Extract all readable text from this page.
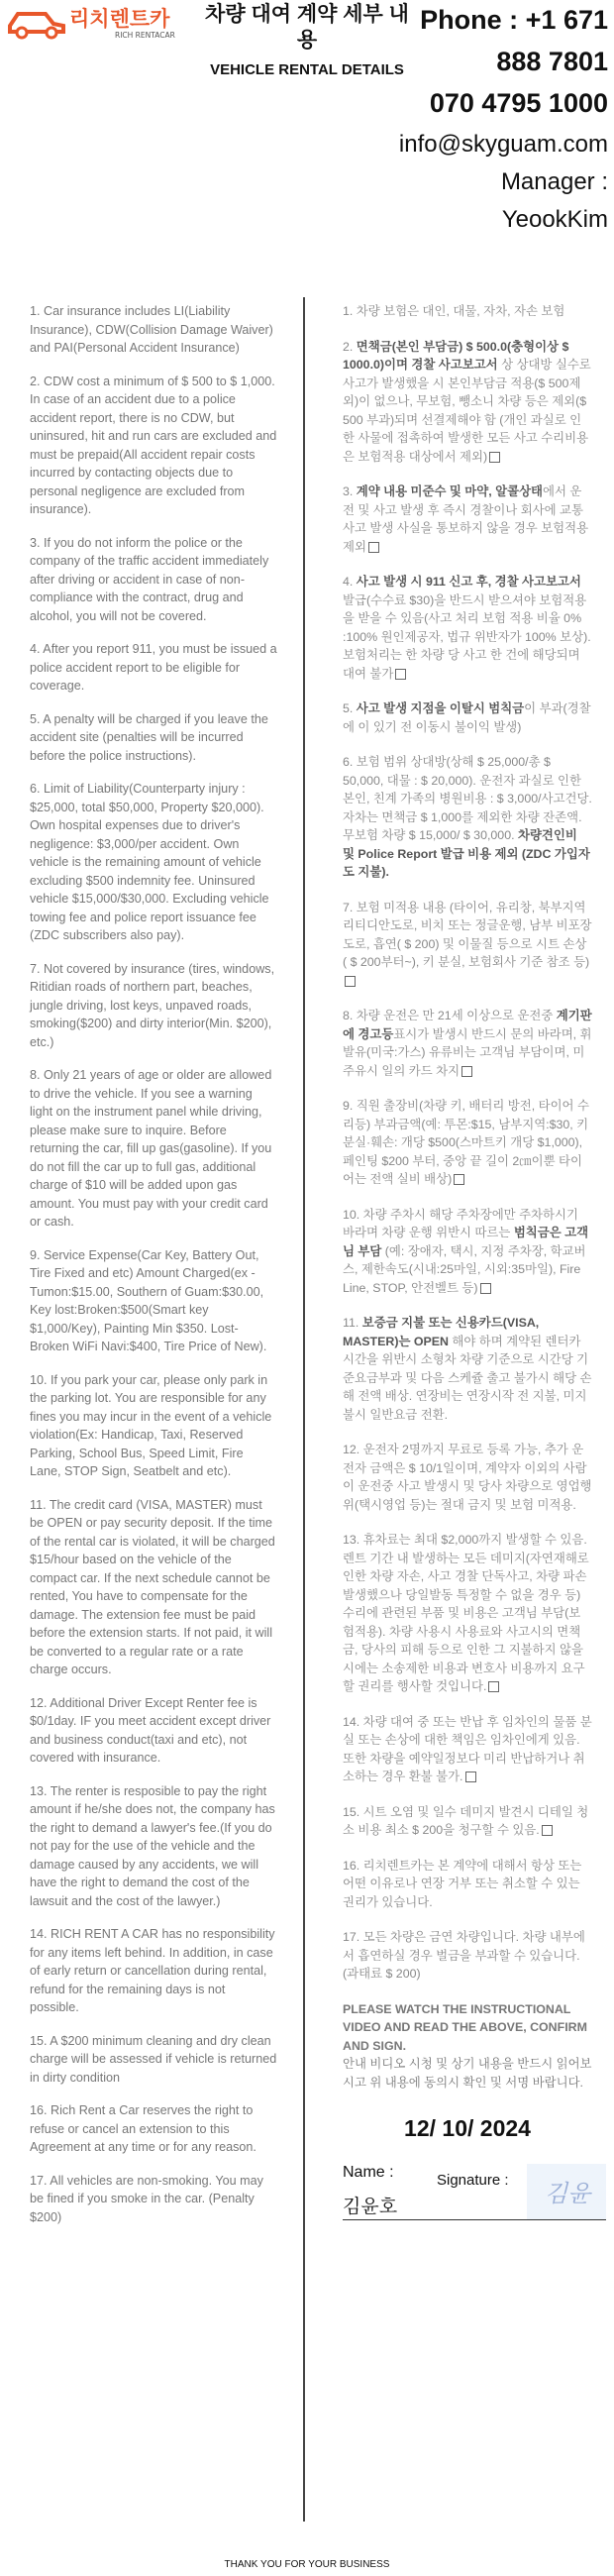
리치렌트카
RICH RENTACAR
차량 대여 계약 세부 내용
VEHICLE RENTAL DETAILS
Phone : +1 671
888 7801
070 4795 1000
info@skyguam.com
Manager :
YeookKim

1. Car insurance includes LI(Liability Insurance), CDW(Collision Damage Waiver) and PAI(Personal Accident Insurance)

2. CDW cost a minimum of $ 500 to $ 1,000. In case of an accident due to a police accident report, there is no CDW, but uninsured, hit and run cars are excluded and must be prepaid(All accident repair costs incurred by contacting objects due to personal negligence are excluded from insurance).

3. If you do not inform the police or the company of the traffic accident immediately after driving or accident in case of non-compliance with the contract, drug and alcohol, you will not be covered.

4. After you report 911, you must be issued a police accident report to be eligible for coverage.

5. A penalty will be charged if you leave the accident site (penalties will be incurred before the police instructions).

6. Limit of Liability(Counterparty injury : $25,000, total $50,000, Property $20,000). Own hospital expenses due to driver's negligence: $3,000/per accident. Own vehicle is the remaining amount of vehicle excluding $500 indemnity fee. Uninsured vehicle $15,000/$30,000. Excluding vehicle towing fee and police report issuance fee (ZDC subscribers also pay).

7. Not covered by insurance (tires, windows, Ritidian roads of northern part, beaches, jungle driving, lost keys, unpaved roads, smoking($200) and dirty interior(Min. $200), etc.)

8. Only 21 years of age or older are allowed to drive the vehicle. If you see a warning light on the instrument panel while driving, please make sure to inquire. Before returning the car, fill up gas(gasoline). If you do not fill the car up to full gas, additional charge of $10 will be added upon gas amount. You must pay with your credit card or cash.

9. Service Expense(Car Key, Battery Out, Tire Fixed and etc) Amount Charged(ex - Tumon:$15.00, Southern of Guam:$30.00, Key lost:Broken:$500(Smart key $1,000/Key), Painting Min $350. Lost-Broken WiFi Navi:$400, Tire Price of New).

10. If you park your car, please only park in the parking lot. You are responsible for any fines you may incur in the event of a vehicle violation(Ex: Handicap, Taxi, Reserved Parking, School Bus, Speed Limit, Fire Lane, STOP Sign, Seatbelt and etc).

11. The credit card (VISA, MASTER) must be OPEN or pay security deposit. If the time of the rental car is violated, it will be charged $15/hour based on the vehicle of the compact car. If the next schedule cannot be rented, You have to compensate for the damage. The extension fee must be paid before the extension starts. If not paid, it will be converted to a regular rate or a rate charge occurs.

12. Additional Driver Except Renter fee is $0/1day. IF you meet accident except driver and business conduct(taxi and etc), not covered with insurance.

13. The renter is resposible to pay the right amount if he/she does not, the company has the right to demand a lawyer's fee.(If you do not pay for the use of the vehicle and the damage caused by any accidents, we will have the right to demand the cost of the lawsuit and the cost of the lawyer.)

14. RICH RENT A CAR has no responsibility for any items left behind. In addition, in case of early return or cancellation during rental, refund for the remaining days is not possible.

15. A $200 minimum cleaning and dry clean charge will be assessed if vehicle is returned in dirty condition

16. Rich Rent a Car reserves the right to refuse or cancel an extension to this Agreement at any time or for any reason.

17. All vehicles are non-smoking. You may be fined if you smoke in the car. (Penalty $200)

1. 차량 보험은 대인, 대물, 자차, 자손 보험

2. 면책금(본인 부담금) $ 500.0(충형이상 $ 1000.0)이며 경찰 사고보고서 상 상대방 실수로 사고가 발생했을 시 본인부담금 적용($ 500제외)이 없으나, 무보험, 뺑소니 차량 등은 제외($ 500 부과)되며 선결제해야 함 (개인 과실로 인한 사물에 접촉하여 발생한 모든 사고 수리비용은 보험적용 대상에서 제외)

3. 계약 내용 미준수 및 마약, 알콜상태에서 운전 및 사고 발생 후 즉시 경찰이나 회사에 교통 사고 발생 사실을 통보하지 않을 경우 보험적용 제외

4. 사고 발생 시 911 신고 후, 경찰 사고보고서 발급(수수료 $30)을 반드시 받으셔야 보험적용을 받을 수 있음(사고 처리 보험 적용 비율 0% :100% 원인제공자, 법규 위반자가 100% 보상). 보험처리는 한 차량 당 사고 한 건에 해당되며 대여 불가

5. 사고 발생 지점을 이탈시 범칙금이 부과(경찰에 이 있기 전 이동시 불이익 발생)

6. 보험 범위 상대방(상해 $ 25,000/총 $ 50,000, 대물 : $ 20,000). 운전자 과실로 인한 본인, 친계 가족의 병원비용 : $ 3,000/사고건당. 자차는 면책금 $ 1,000를 제외한 차량 잔존액. 무보험 차량 $ 15,000/ $ 30,000. 차량견인비 및 Police Report 발급 비용 제외 (ZDC 가입자도 지불).

7. 보험 미적용 내용 (타이어, 유리창, 북부지역 리티디안도로, 비치 또는 정글운행, 남부 비포장도로, 흡연( $ 200) 및 이물질 등으로 시트 손상 ( $ 200부터~), 키 분실, 보험회사 기준 참조 등)

8. 차량 운전은 만 21세 이상으로 운전중 계기판에 경고등표시가 발생시 반드시 문의 바라며, 휘발유(미국:가스) 유류비는 고객님 부담이며, 미주유시 일의 카드 차지

9. 직원 출장비(차량 키, 배터리 방전, 타이어 수리등) 부과금액(예: 투몬:$15, 남부지역:$30, 키분실·훼손: 개당 $500(스마트키 개당 $1,000), 페인팅 $200 부터, 중앙 끝 길이 2㎝이뿐 타이어는 전액 실비 배상)

10. 차량 주차시 해당 주차장에만 주차하시기 바라며 차량 운행 위반시 따르는 범칙금은 고객님 부담 (예: 장애자, 택시, 지정 주차장, 학교버스, 제한속도(시내:25마일, 시외:35마일), Fire Line, STOP, 안전벨트 등)

11. 보증금 지불 또는 신용카드(VISA, MASTER)는 OPEN 해야 하며 계약된 렌터카 시간을 위반시 소형차 차량 기준으로 시간당 기준요금부과 및 다음 스케쥴 출고 불가시 해당 손해 전액 배상. 연장비는 연장시작 전 지불, 미지불시 일반요금 전환.

12. 운전자 2명까지 무료로 등록 가능, 추가 운전자 금액은 $ 10/1일이며, 계약자 이외의 사람이 운전중 사고 발생시 및 당사 차량으로 영업행위(택시영업 등)는 절대 금지 및 보험 미적용.

13. 휴차료는 최대 $2,000까지 발생할 수 있음. 렌트 기간 내 발생하는 모든 데미지(자연재해로 인한 차량 자손, 사고 경찰 단독사고, 차량 파손 발생했으나 당일발동 특정할 수 없을 경우 등) 수리에 관련된 부품 및 비용은 고객님 부담(보험적용). 차량 사용시 사용료와 사고시의 면책금, 당사의 피해 등으로 인한 그 지불하지 않을 시에는 소송제한 비용과 변호사 비용까지 요구할 권리를 행사할 것입니다.

14. 차량 대여 중 또는 반납 후 임차인의 물품 분실 또는 손상에 대한 책임은 임차인에게 있음. 또한 차량을 예약일정보다 미리 반납하거나 취소하는 경우 환불 불가.

15. 시트 오염 및 일수 데미지 발견시 디테일 청소 비용 최소 $ 200을 청구할 수 있음.

16. 리치렌트카는 본 계약에 대해서 항상 또는 어떤 이유로나 연장 거부 또는 취소할 수 있는 권리가 있습니다.

17. 모든 차량은 금연 차량입니다. 차량 내부에서 흡연하실 경우 벌금을 부과할 수 있습니다. (과태료 $ 200)

PLEASE WATCH THE INSTRUCTIONAL VIDEO AND READ THE ABOVE, CONFIRM AND SIGN.
안내 비디오 시청 및 상기 내용을 반드시 읽어보시고 위 내용에 동의시 확인 및 서명 바랍니다.
12/ 10/ 2024
Name :
김윤호
Signature : 김윤
THANK YOU FOR YOUR BUSINESS
